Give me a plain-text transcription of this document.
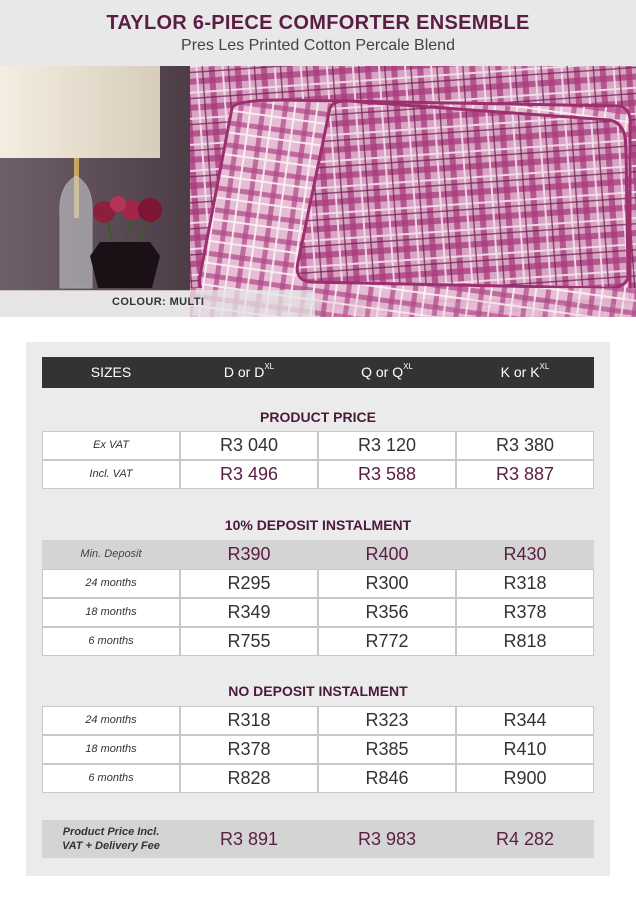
TAYLOR 6-PIECE COMFORTER ENSEMBLE
Pres Les Printed Cotton Percale Blend
COLOUR: MULTI
SIZES	D or $D^{XL}$	Q or $Q^{XL}$	K or $K^{XL}$
PRODUCT PRICE
Ex VAT	R3 040	R3 120	R3 380
Incl. VAT	R3 496	R3 588	R3 887
10% DEPOSIT INSTALMENT
Min. Deposit	R390	R400	R430
24 months	R295	R300	R318
18 months	R349	R356	R378
6 months	R755	R772	R818
NO DEPOSIT INSTALMENT
24 months	R318	R323	R344
18 months	R378	R385	R410
6 months	R828	R846	R900
Product Price Incl.
VAT + Delivery Fee	R3 891	R3 983	R4 282
